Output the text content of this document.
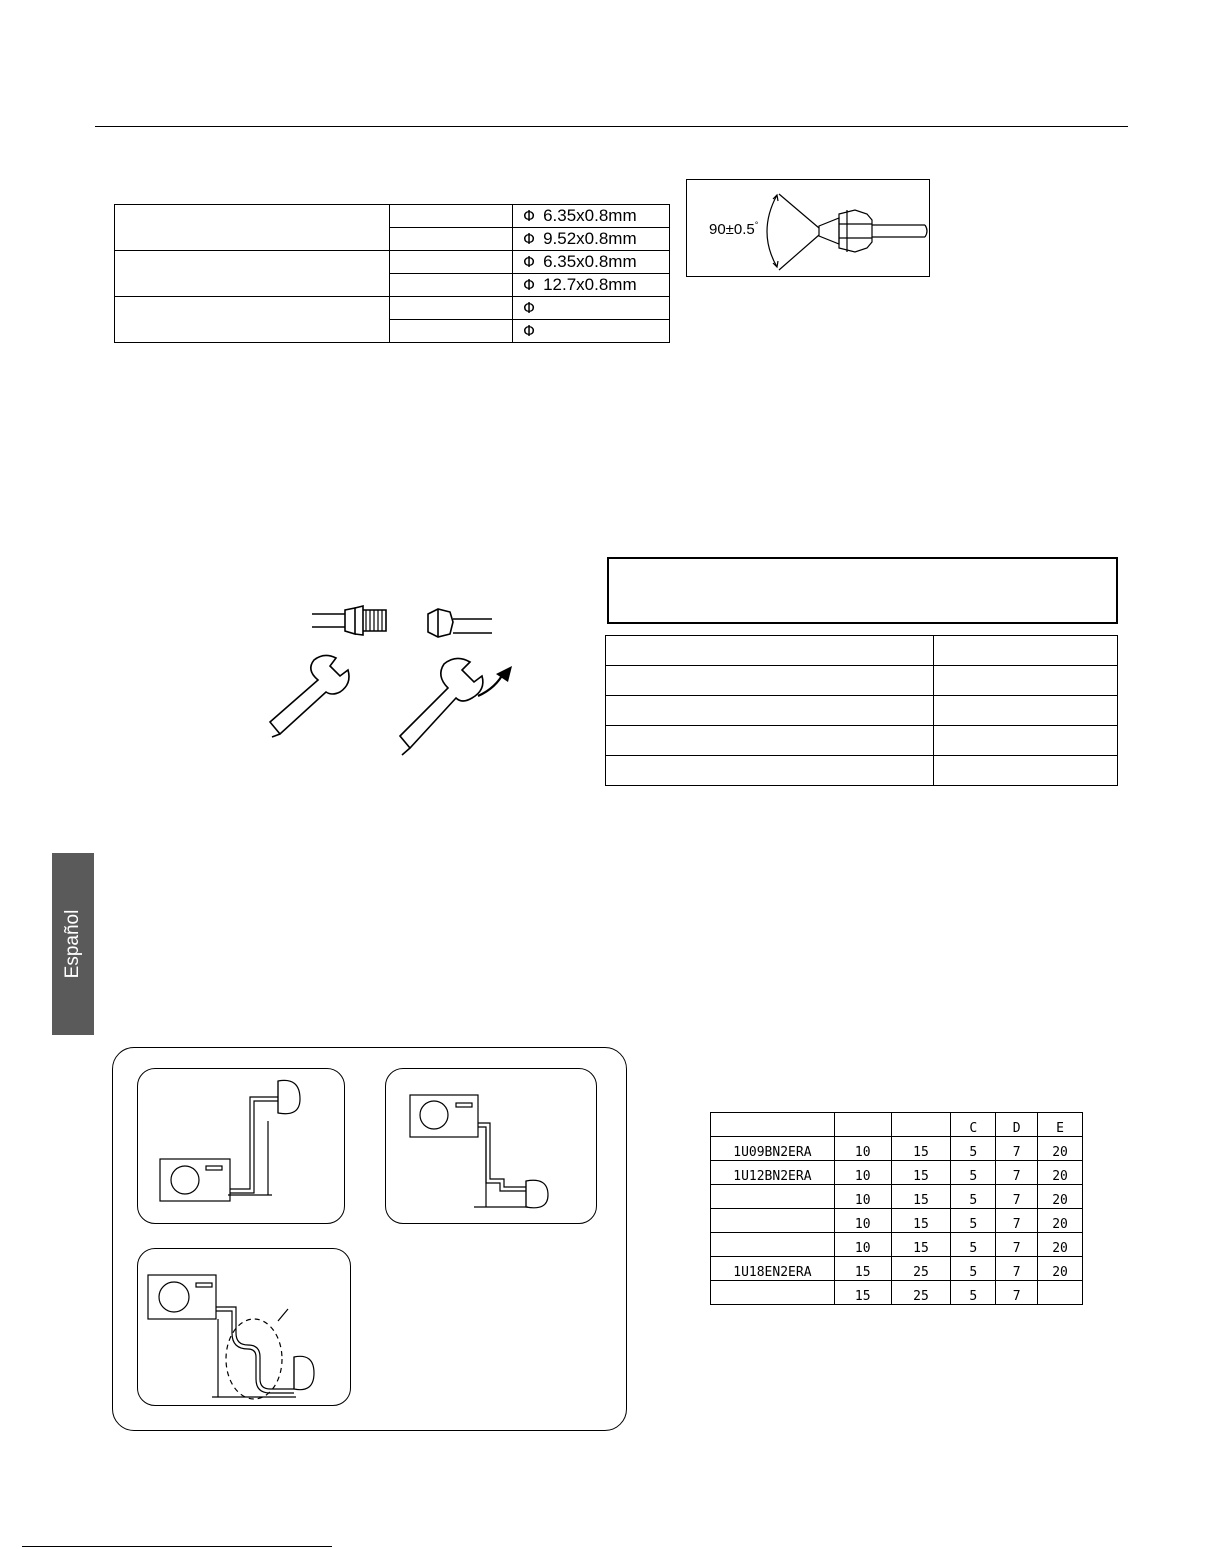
		Φ 6.35x0.8mm
		Φ 9.52x0.8mm
		Φ 6.35x0.8mm
		Φ 12.7x0.8mm
		Φ
		Φ
90±0.5°

Español
			C	D	E
1U09BN2ERA	10	15	5	7	20
1U12BN2ERA	10	15	5	7	20
	10	15	5	7	20
	10	15	5	7	20
	10	15	5	7	20
1U18EN2ERA	15	25	5	7	20
	15	25	5	7	
